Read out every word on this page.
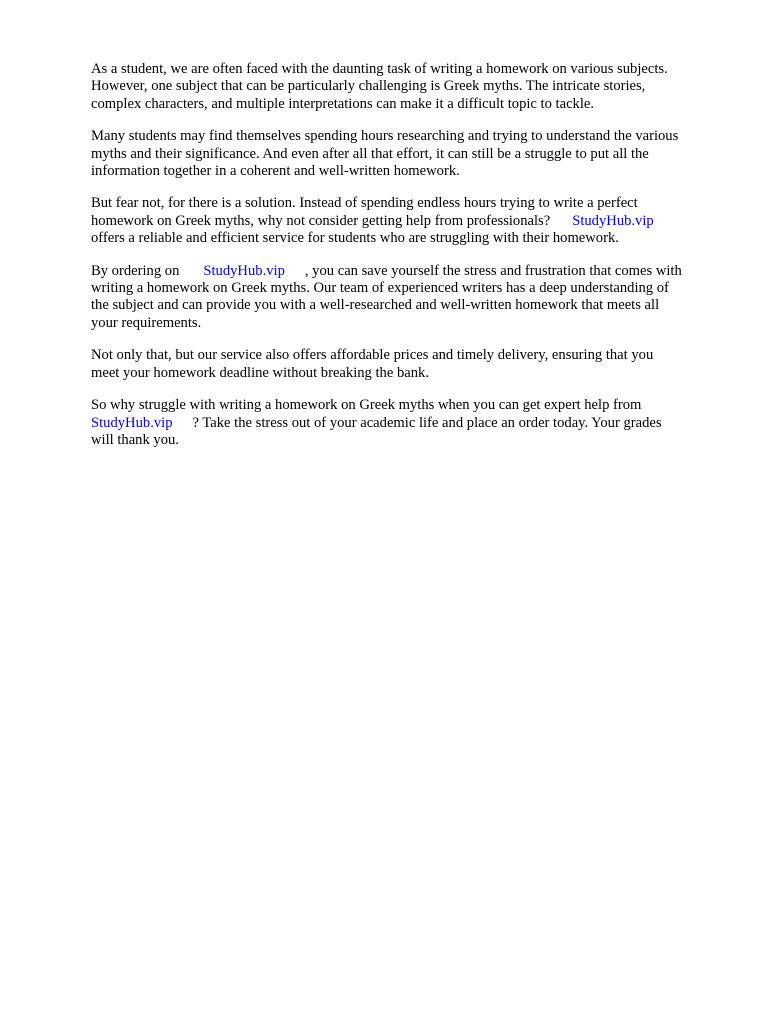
As a student, we are often faced with the daunting task of writing a homework on various subjects.
However, one subject that can be particularly challenging is Greek myths. The intricate stories,
complex characters, and multiple interpretations can make it a difficult topic to tackle.

Many students may find themselves spending hours researching and trying to understand the various
myths and their significance. And even after all that effort, it can still be a struggle to put all the
information together in a coherent and well-written homework.

But fear not, for there is a solution. Instead of spending endless hours trying to write a perfect
homework on Greek myths, why not consider getting help from professionals? StudyHub.vip
offers a reliable and efficient service for students who are struggling with their homework.

By ordering on StudyHub.vip , you can save yourself the stress and frustration that comes with
writing a homework on Greek myths. Our team of experienced writers has a deep understanding of
the subject and can provide you with a well-researched and well-written homework that meets all
your requirements.

Not only that, but our service also offers affordable prices and timely delivery, ensuring that you
meet your homework deadline without breaking the bank.

So why struggle with writing a homework on Greek myths when you can get expert help from
StudyHub.vip ? Take the stress out of your academic life and place an order today. Your grades
will thank you.
